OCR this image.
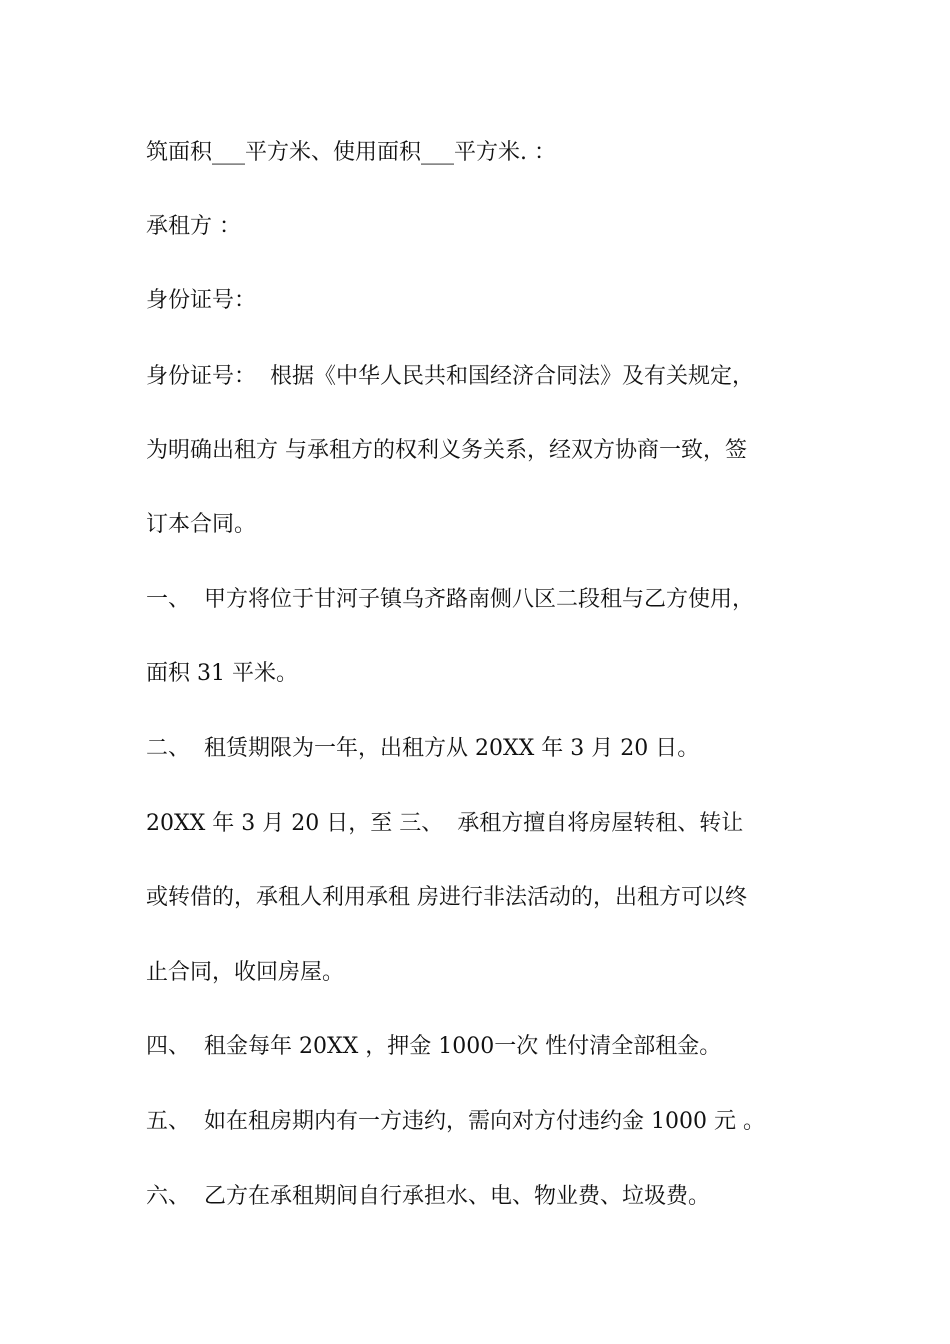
筑面积___平方米、使用面积___平方米. ：

承租方 ：

身份证号：

身份证号：  根据《中华人民共和国经济合同法》及有关规定，

为明确出租方 与承租方的权利义务关系，经双方协商一致，签

订本合同。

一、  甲方将位于甘河子镇乌齐路南侧八区二段租与乙方使用，

面积 31 平米。

二、  租赁期限为一年，出租方从 20XX 年 3 月 20 日。

20XX 年 3 月 20 日，至 三、  承租方擅自将房屋转租、转让

或转借的，承租人利用承租 房进行非法活动的，出租方可以终

止合同，收回房屋。

四、  租金每年 20XX ，押金 1000一次 性付清全部租金。

五、  如在租房期内有一方违约，需向对方付违约金 1000 元 。

六、  乙方在承租期间自行承担水、电、物业费、垃圾费。
